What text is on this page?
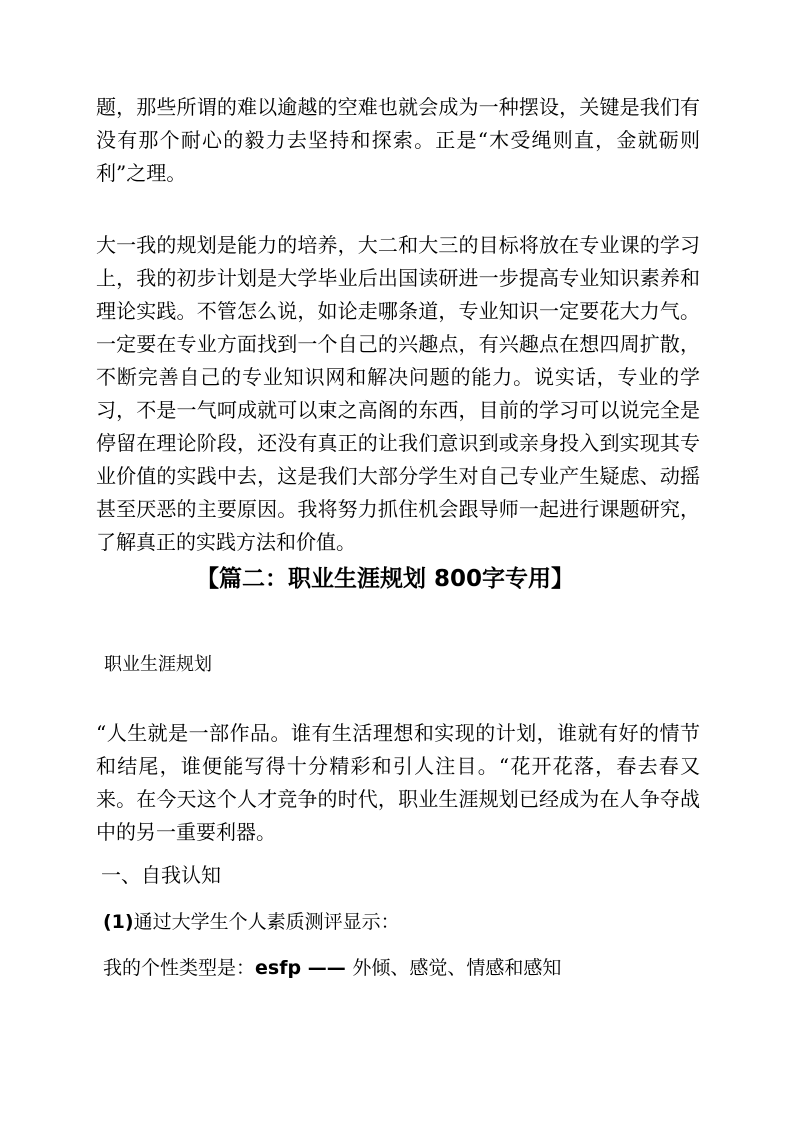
题，那些所谓的难以逾越的空难也就会成为一种摆设，关键是我们有没有那个耐心的毅力去坚持和探索。正是“木受绳则直，金就砺则利”之理。

大一我的规划是能力的培养，大二和大三的目标将放在专业课的学习上，我的初步计划是大学毕业后出国读研进一步提高专业知识素养和理论实践。不管怎么说，如论走哪条道，专业知识一定要花大力气。一定要在专业方面找到一个自己的兴趣点，有兴趣点在想四周扩散，不断完善自己的专业知识网和解决问题的能力。说实话，专业的学习，不是一气呵成就可以束之高阁的东西，目前的学习可以说完全是停留在理论阶段，还没有真正的让我们意识到或亲身投入到实现其专业价值的实践中去，这是我们大部分学生对自己专业产生疑虑、动摇甚至厌恶的主要原因。我将努力抓住机会跟导师一起进行课题研究，了解真正的实践方法和价值。

【篇二：职业生涯规划 800字专用】

职业生涯规划

“人生就是一部作品。谁有生活理想和实现的计划，谁就有好的情节和结尾，谁便能写得十分精彩和引人注目。“花开花落，春去春又来。在今天这个人才竞争的时代，职业生涯规划已经成为在人争夺战中的另一重要利器。

一、自我认知

(1)通过大学生个人素质测评显示：

我的个性类型是：esfp —— 外倾、感觉、情感和感知
